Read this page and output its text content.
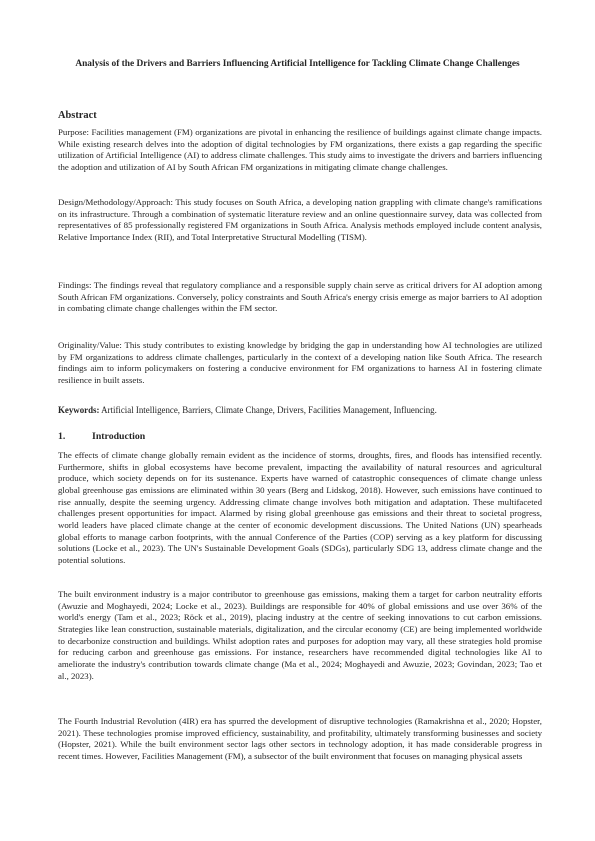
Analysis of the Drivers and Barriers Influencing Artificial Intelligence for Tackling Climate Change Challenges
Abstract

Purpose: Facilities management (FM) organizations are pivotal in enhancing the resilience of buildings against climate change impacts. While existing research delves into the adoption of digital technologies by FM organizations, there exists a gap regarding the specific utilization of Artificial Intelligence (AI) to address climate challenges. This study aims to investigate the drivers and barriers influencing the adoption and utilization of AI by South African FM organizations in mitigating climate change challenges.

Design/Methodology/Approach: This study focuses on South Africa, a developing nation grappling with climate change's ramifications on its infrastructure. Through a combination of systematic literature review and an online questionnaire survey, data was collected from representatives of 85 professionally registered FM organizations in South Africa. Analysis methods employed include content analysis, Relative Importance Index (RII), and Total Interpretative Structural Modelling (TISM).

Findings: The findings reveal that regulatory compliance and a responsible supply chain serve as critical drivers for AI adoption among South African FM organizations. Conversely, policy constraints and South Africa's energy crisis emerge as major barriers to AI adoption in combating climate change challenges within the FM sector.

Originality/Value: This study contributes to existing knowledge by bridging the gap in understanding how AI technologies are utilized by FM organizations to address climate challenges, particularly in the context of a developing nation like South Africa. The research findings aim to inform policymakers on fostering a conducive environment for FM organizations to harness AI in fostering climate resilience in built assets.

Keywords: Artificial Intelligence, Barriers, Climate Change, Drivers, Facilities Management, Influencing.
1.	Introduction

The effects of climate change globally remain evident as the incidence of storms, droughts, fires, and floods has intensified recently. Furthermore, shifts in global ecosystems have become prevalent, impacting the availability of natural resources and agricultural produce, which society depends on for its sustenance. Experts have warned of catastrophic consequences of climate change unless global greenhouse gas emissions are eliminated within 30 years (Berg and Lidskog, 2018). However, such emissions have continued to rise annually, despite the seeming urgency. Addressing climate change involves both mitigation and adaptation. These multifaceted challenges present opportunities for impact. Alarmed by rising global greenhouse gas emissions and their threat to societal progress, world leaders have placed climate change at the center of economic development discussions. The United Nations (UN) spearheads global efforts to manage carbon footprints, with the annual Conference of the Parties (COP) serving as a key platform for discussing solutions (Locke et al., 2023). The UN's Sustainable Development Goals (SDGs), particularly SDG 13, address climate change and the potential solutions.

The built environment industry is a major contributor to greenhouse gas emissions, making them a target for carbon neutrality efforts (Awuzie and Moghayedi, 2024; Locke et al., 2023). Buildings are responsible for 40% of global emissions and use over 36% of the world's energy (Tam et al., 2023; Röck et al., 2019), placing industry at the centre of seeking innovations to cut carbon emissions. Strategies like lean construction, sustainable materials, digitalization, and the circular economy (CE) are being implemented worldwide to decarbonize construction and buildings. Whilst adoption rates and purposes for adoption may vary, all these strategies hold promise for reducing carbon and greenhouse gas emissions. For instance, researchers have recommended digital technologies like AI to ameliorate the industry's contribution towards climate change (Ma et al., 2024; Moghayedi and Awuzie, 2023; Govindan, 2023; Tao et al., 2023).

The Fourth Industrial Revolution (4IR) era has spurred the development of disruptive technologies (Ramakrishna et al., 2020; Hopster, 2021). These technologies promise improved efficiency, sustainability, and profitability, ultimately transforming businesses and society (Hopster, 2021). While the built environment sector lags other sectors in technology adoption, it has made considerable progress in recent times. However, Facilities Management (FM), a subsector of the built environment that focuses on managing physical assets
